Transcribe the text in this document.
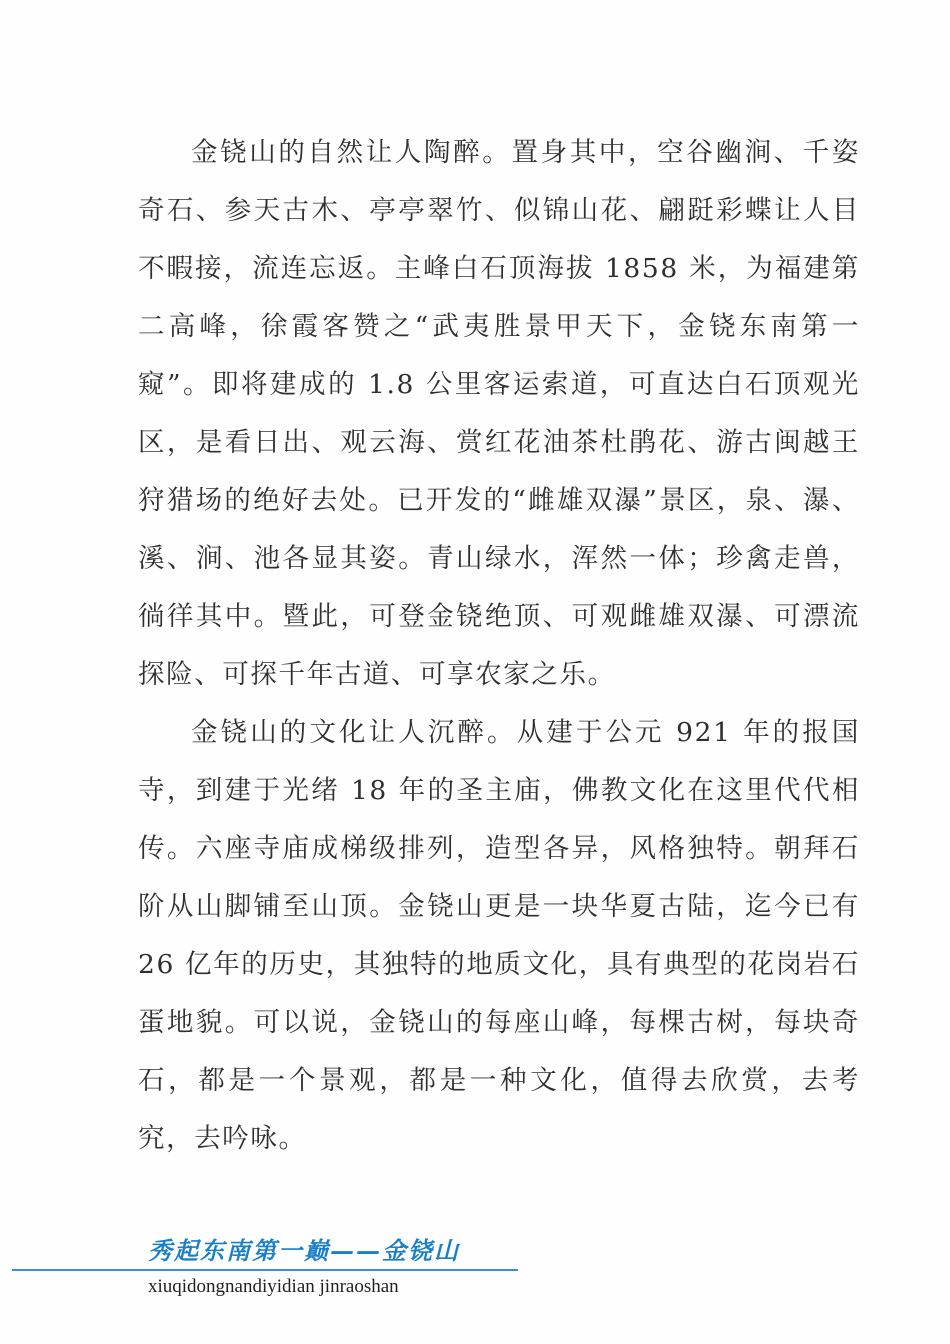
金铙山的自然让人陶醉。置身其中，空谷幽涧、千姿奇石、参天古木、亭亭翠竹、似锦山花、翩跹彩蝶让人目不暇接，流连忘返。主峰白石顶海拔 1858 米，为福建第二高峰，徐霞客赞之“武夷胜景甲天下，金铙东南第一窥”。即将建成的 1.8 公里客运索道，可直达白石顶观光区，是看日出、观云海、赏红花油茶杜鹃花、游古闽越王狩猎场的绝好去处。已开发的“雌雄双瀑”景区，泉、瀑、溪、涧、池各显其姿。青山绿水，浑然一体；珍禽走兽，徜徉其中。暨此，可登金铙绝顶、可观雌雄双瀑、可漂流探险、可探千年古道、可享农家之乐。

金铙山的文化让人沉醉。从建于公元 921 年的报国寺，到建于光绪 18 年的圣主庙，佛教文化在这里代代相传。六座寺庙成梯级排列，造型各异，风格独特。朝拜石阶从山脚铺至山顶。金铙山更是一块华夏古陆，迄今已有 26 亿年的历史，其独特的地质文化，具有典型的花岗岩石蛋地貌。可以说，金铙山的每座山峰，每棵古树，每块奇石，都是一个景观，都是一种文化，值得去欣赏，去考究，去吟咏。

秀起东南第一巅——金铙山
xiuqidongnandiyidian jinraoshan
